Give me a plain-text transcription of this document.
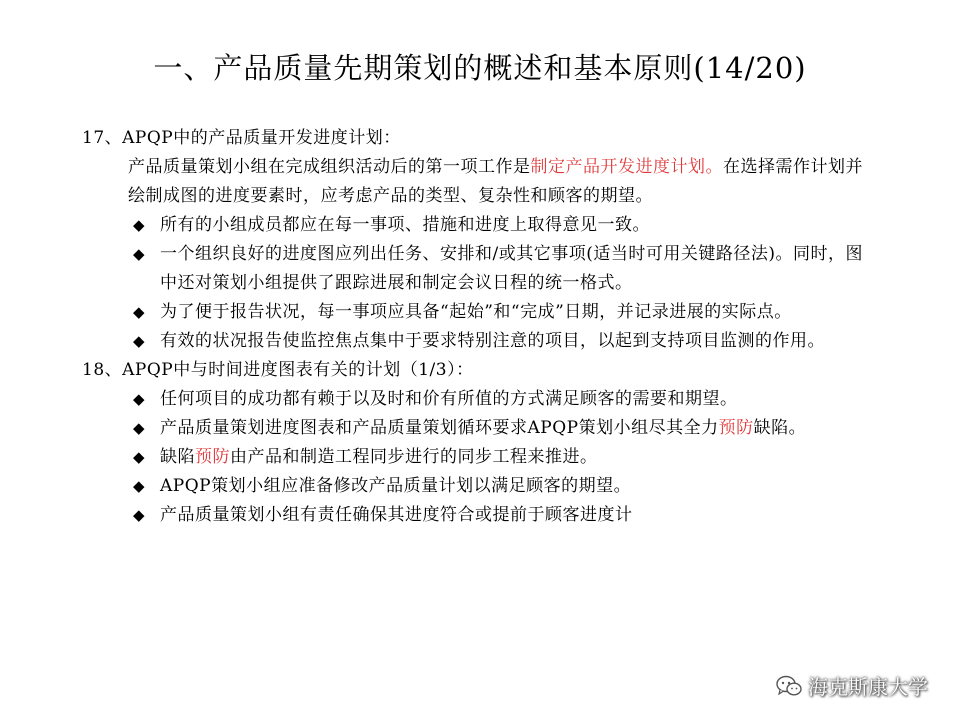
一、产品质量先期策划的概述和基本原则(14/20)

17、APQP中的产品质量开发进度计划：

产品质量策划小组在完成组织活动后的第一项工作是制定产品开发进度计划。在选择需作计划并绘制成图的进度要素时，应考虑产品的类型、复杂性和顾客的期望。

◆ 所有的小组成员都应在每一事项、措施和进度上取得意见一致。
◆ 一个组织良好的进度图应列出任务、安排和/或其它事项(适当时可用关键路径法)。同时，图中还对策划小组提供了跟踪进展和制定会议日程的统一格式。
◆ 为了便于报告状况，每一事项应具备“起始”和“完成”日期，并记录进展的实际点。
◆ 有效的状况报告使监控焦点集中于要求特别注意的项目，以起到支持项目监测的作用。

18、APQP中与时间进度图表有关的计划（1/3）：

◆ 任何项目的成功都有赖于以及时和价有所值的方式满足顾客的需要和期望。
◆ 产品质量策划进度图表和产品质量策划循环要求APQP策划小组尽其全力预防缺陷。
◆ 缺陷预防由产品和制造工程同步进行的同步工程来推进。
◆ APQP策划小组应准备修改产品质量计划以满足顾客的期望。
◆ 产品质量策划小组有责任确保其进度符合或提前于顾客进度计
海克斯康大学
